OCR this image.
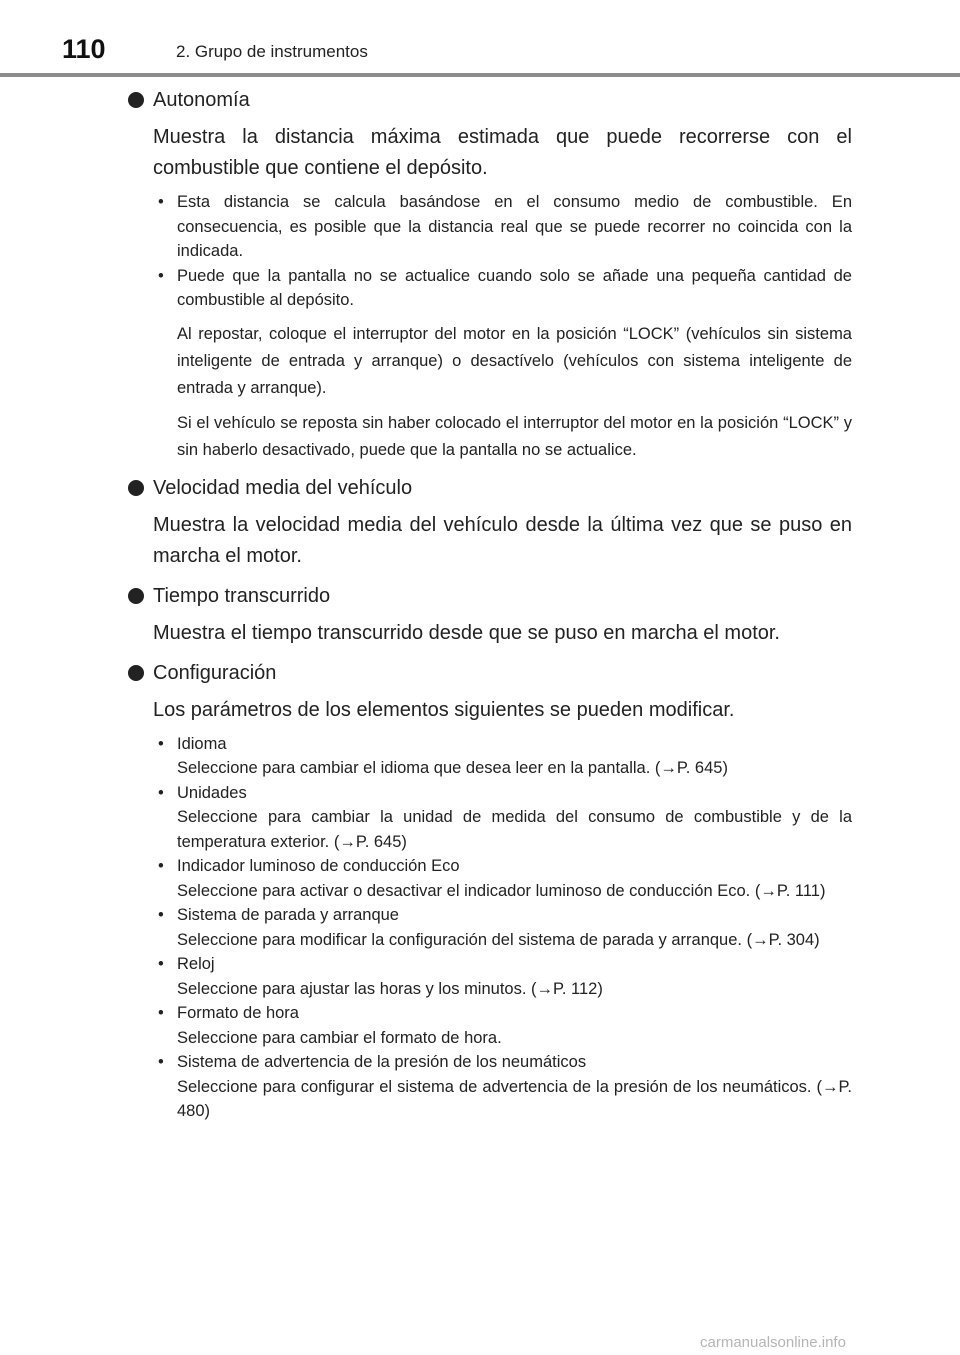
110	2. Grupo de instrumentos
Autonomía
Muestra la distancia máxima estimada que puede recorrerse con el combustible que contiene el depósito.
• Esta distancia se calcula basándose en el consumo medio de combustible. En consecuencia, es posible que la distancia real que se puede recorrer no coincida con la indicada.
• Puede que la pantalla no se actualice cuando solo se añade una pequeña cantidad de combustible al depósito.
Al repostar, coloque el interruptor del motor en la posición “LOCK” (vehículos sin sistema inteligente de entrada y arranque) o desactívelo (vehículos con sistema inteligente de entrada y arranque).
Si el vehículo se reposta sin haber colocado el interruptor del motor en la posición “LOCK” y sin haberlo desactivado, puede que la pantalla no se actualice.
Velocidad media del vehículo
Muestra la velocidad media del vehículo desde la última vez que se puso en marcha el motor.
Tiempo transcurrido
Muestra el tiempo transcurrido desde que se puso en marcha el motor.
Configuración
Los parámetros de los elementos siguientes se pueden modificar.
• Idioma
Seleccione para cambiar el idioma que desea leer en la pantalla. (→P. 645)
• Unidades
Seleccione para cambiar la unidad de medida del consumo de combustible y de la temperatura exterior. (→P. 645)
• Indicador luminoso de conducción Eco
Seleccione para activar o desactivar el indicador luminoso de conducción Eco. (→P. 111)
• Sistema de parada y arranque
Seleccione para modificar la configuración del sistema de parada y arranque. (→P. 304)
• Reloj
Seleccione para ajustar las horas y los minutos. (→P. 112)
• Formato de hora
Seleccione para cambiar el formato de hora.
• Sistema de advertencia de la presión de los neumáticos
Seleccione para configurar el sistema de advertencia de la presión de los neumáticos. (→P. 480)
carmanualsonline.info
